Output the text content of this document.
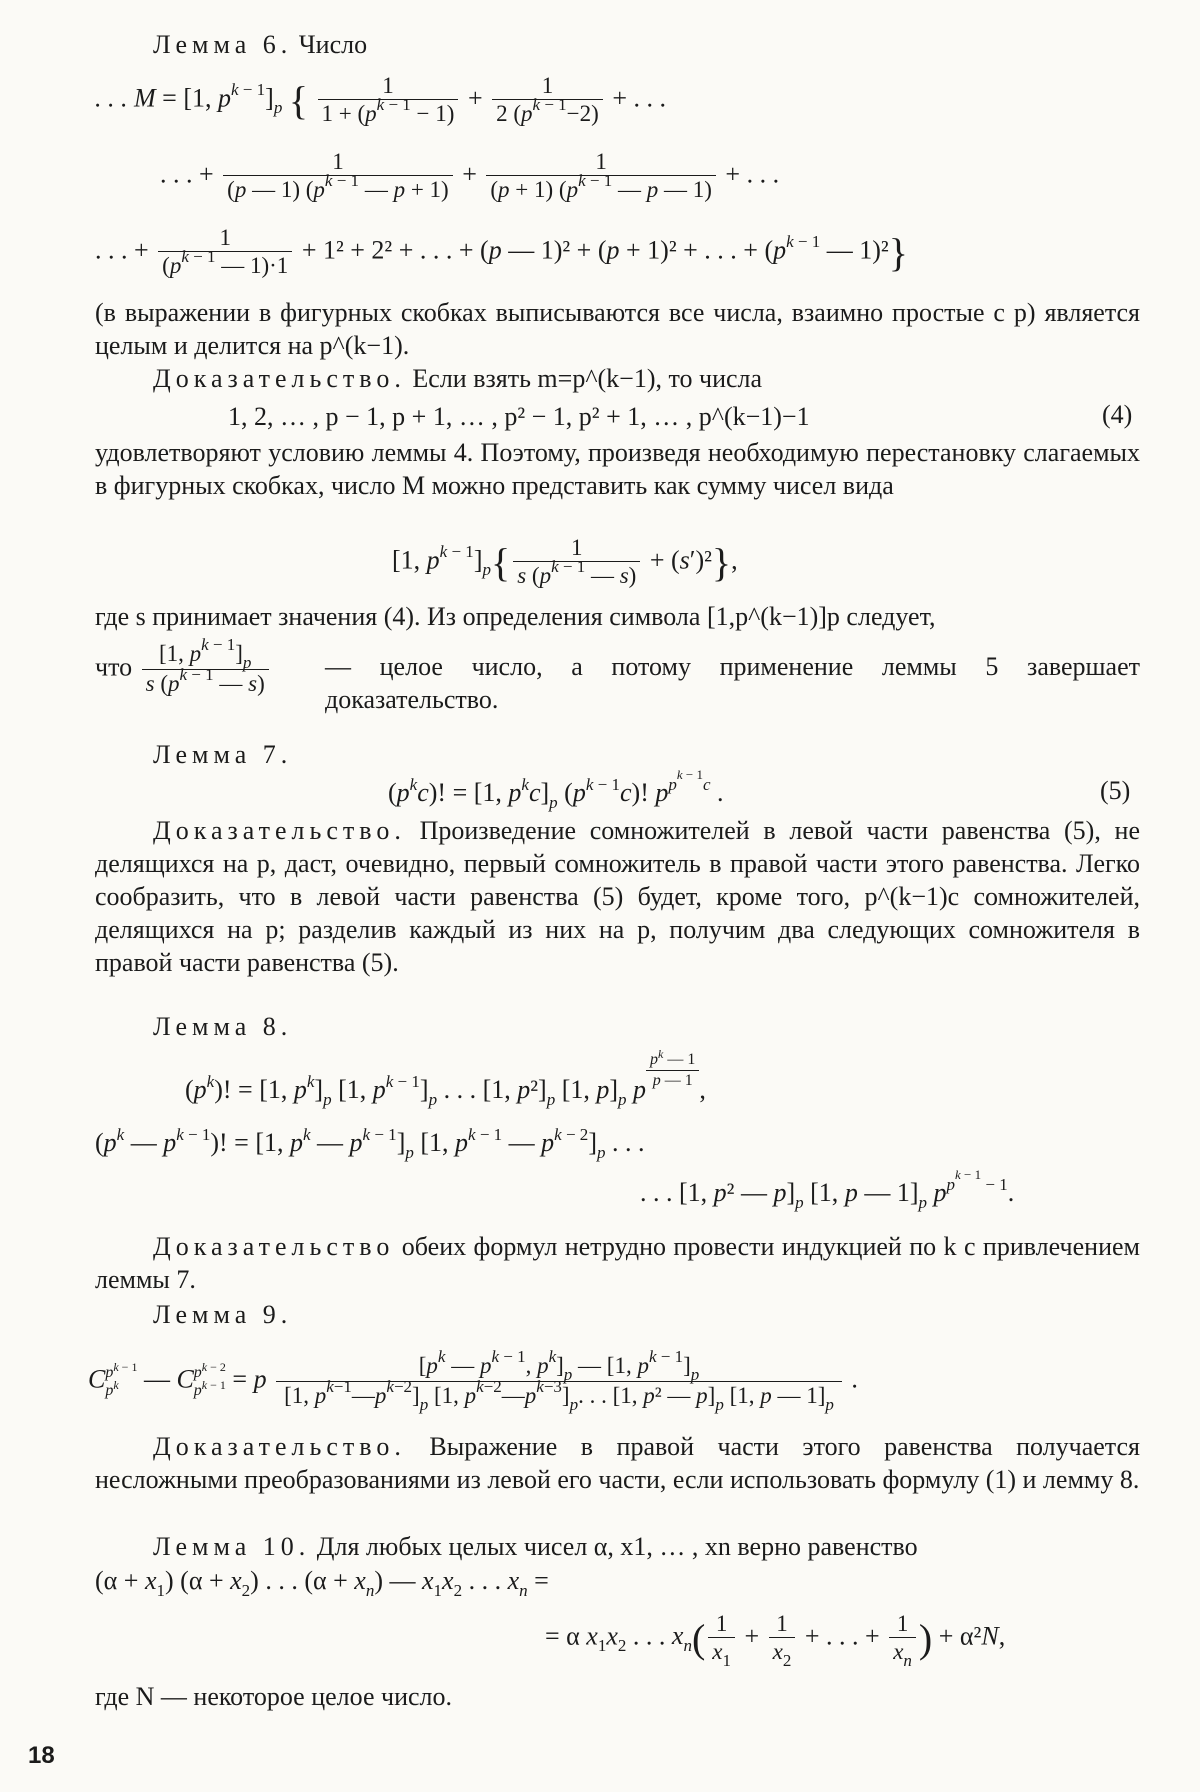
Лемма 6. Число

. . . M = [1, $p^{k - 1}]_p$ { $\frac{1}{1 + (p^{k - 1} - 1)} + \frac{1}{2 (p^{k - 1}-2)}$ + . . .
. . . + $\frac{1}{(p — 1) (p^{k - 1} — p + 1)} + \frac{1}{(p + 1) (p^{k - 1} — p — 1)}$ + . . .
. . . + $\frac{1}{(p^{k - 1} — 1)\cdot 1} + 1^2 + 2^2$ + . . . + (p — 1)² + (p + 1)² + . . . + ($p^{k - 1}$ — 1)²}

(в выражении в фигурных скобках выписываются все числа, взаимно простые с p) является целым и делится на p^(k−1).

Доказательство. Если взять m=p^(k−1), то числа

1, 2, … , p − 1, p + 1, … , p² − 1, p² + 1, … , p^(k−1)−1	(4)

удовлетворяют условию леммы 4. Поэтому, произведя необходимую перестановку слагаемых в фигурных скобках, число M можно представить как сумму чисел вида

[1, $p^{k - 1}]_p\{ \frac{1}{s (p^{k - 1} — s)} + (s')^2\}$,

где s принимает значения (4). Из определения символа [1,p^(k−1)]p следует,

что $\frac{[1, p^{k - 1}]_p}{s (p^{k - 1} — s)}$ — целое число, а потому применение леммы 5 завершает доказательство.

Лемма 7.

$(p^kc)$! = [1, $p^kc]_p$ $(p^{k - 1}c)$! $p^{p^{k - 1}c}$ .	(5)

Доказательство. Произведение сомножителей в левой части равенства (5), не делящихся на p, даст, очевидно, первый сомножитель в правой части этого равенства. Легко сообразить, что в левой части равенства (5) будет, кроме того, p^(k−1)c сомножителей, делящихся на p; разделив каждый из них на p, получим два следующих сомножителя в правой части равенства (5).

Лемма 8.

$(p^k)$! = [1, $p^k]_p$ [1, $p^{k - 1}]_p$ . . . [1, $p^2]_p$ [1, $p]_p$ p $\frac{p^k — 1}{p — 1}$ ,
($p^k$ — $p^{k - 1}$)! = [1, $p^k$ — $p^{k - 1}]_p$ [1, $p^{k - 1}$ — $p^{k - 2}]_p$ . . .
. . . [1, p² — $p]_p$ [1, p — $1]_p$ $p^{p^{k - 1} - 1}$.

Доказательство обеих формул нетрудно провести индукцией по k с привлечением леммы 7.

Лемма 9.

$Cp^{k - 1}$
$p^k$ — $Cp^{k - 2}$
$p^{k - 1} = p$	[$p^k$ — $p^{k - 1}$, $p^k]_p$ — [1, $p^{k - 1}]_p$
[1, $p^{k-1}—p^{k-2}]_p$ [1, $p^{k-2}—p^{k-3}]_p$. . . [1, p² — $p]_p$ [1, p — $1]_p$
.

Доказательство. Выражение в правой части этого равенства получается несложными преобразованиями из левой его части, если использовать формулу (1) и лемму 8.

Лемма 10. Для любых целых чисел α, x1, … , xn верно равенство

$(\alpha + x_1)$ $(\alpha + x_2)$ . . . $(\alpha + x_n)$ — $x_1x_2$ . . . $x_n$ =
= α $x_1x_2$ . . . $x_n( \frac{1}{x_1} + \frac{1}{x_2}$ + . . . + $\frac{1}{x_n}$ ) + α²N,

где N — некоторое целое число.

18
